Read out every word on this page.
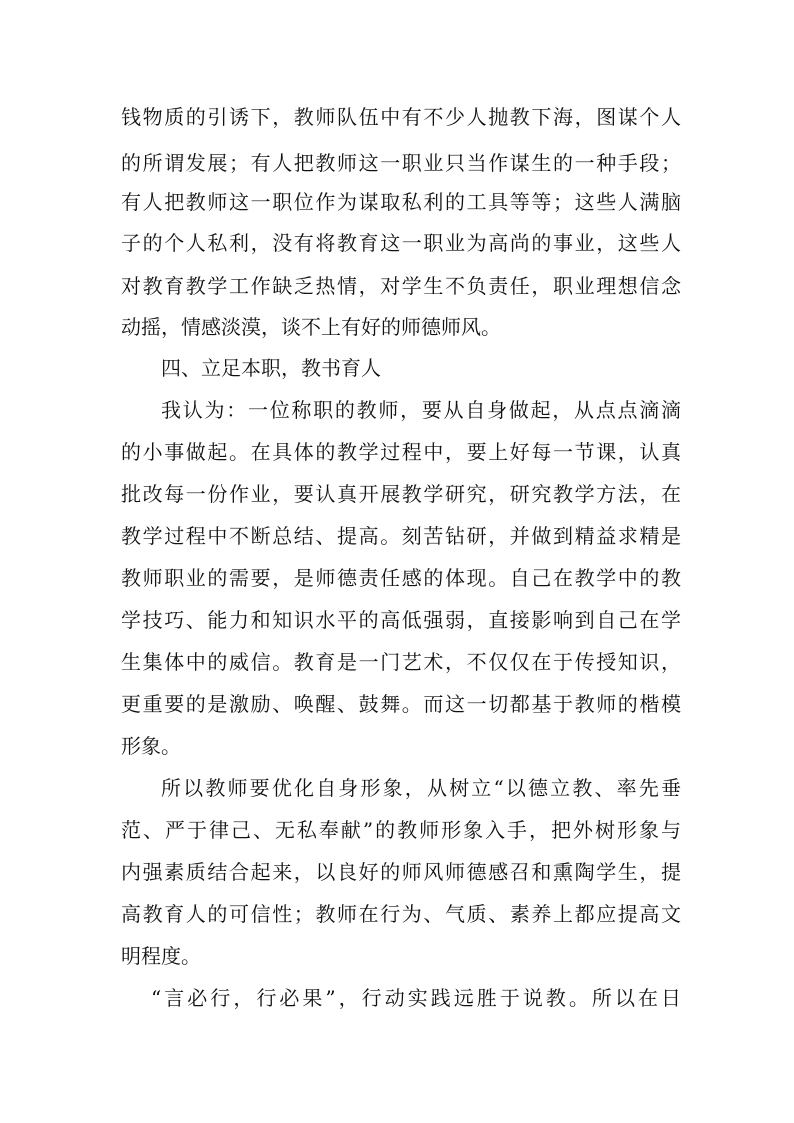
钱物质的引诱下，教师队伍中有不少人抛教下海，图谋个人
的所谓发展；有人把教师这一职业只当作谋生的一种手段；
有人把教师这一职位作为谋取私利的工具等等；这些人满脑
子的个人私利，没有将教育这一职业为高尚的事业，这些人
对教育教学工作缺乏热情，对学生不负责任，职业理想信念
动摇，情感淡漠，谈不上有好的师德师风。
四、立足本职，教书育人
我认为：一位称职的教师，要从自身做起，从点点滴滴
的小事做起。在具体的教学过程中，要上好每一节课，认真
批改每一份作业，要认真开展教学研究，研究教学方法，在
教学过程中不断总结、提高。刻苦钻研，并做到精益求精是
教师职业的需要，是师德责任感的体现。自己在教学中的教
学技巧、能力和知识水平的高低强弱，直接影响到自己在学
生集体中的威信。教育是一门艺术，不仅仅在于传授知识，
更重要的是激励、唤醒、鼓舞。而这一切都基于教师的楷模
形象。
所以教师要优化自身形象，从树立“以德立教、率先垂
范、严于律己、无私奉献”的教师形象入手，把外树形象与
内强素质结合起来，以良好的师风师德感召和熏陶学生，提
高教育人的可信性；教师在行为、气质、素养上都应提高文
明程度。
“言必行，行必果”，行动实践远胜于说教。所以在日
